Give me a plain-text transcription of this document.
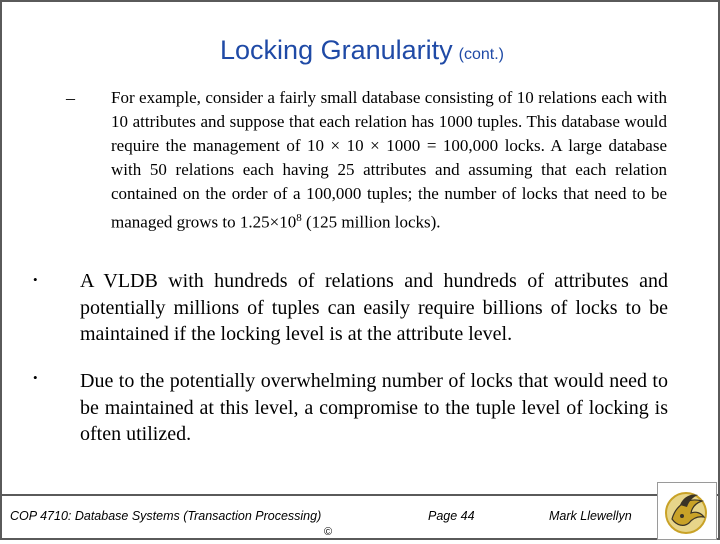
Locking Granularity (cont.)
– For example, consider a fairly small database consisting of 10 relations each with 10 attributes and suppose that each relation has 1000 tuples. This database would require the management of 10 × 10 × 1000 = 100,000 locks. A large database with 50 relations each having 25 attributes and assuming that each relation contained on the order of a 100,000 tuples; the number of locks that need to be managed grows to $1.25\times 10^8$ (125 million locks).
• A VLDB with hundreds of relations and hundreds of attributes and potentially millions of tuples can easily require billions of locks to be maintained if the locking level is at the attribute level.
• Due to the potentially overwhelming number of locks that would need to be maintained at this level, a compromise to the tuple level of locking is often utilized.
COP 4710: Database Systems (Transaction Processing)	Page 44	Mark Llewellyn
©
